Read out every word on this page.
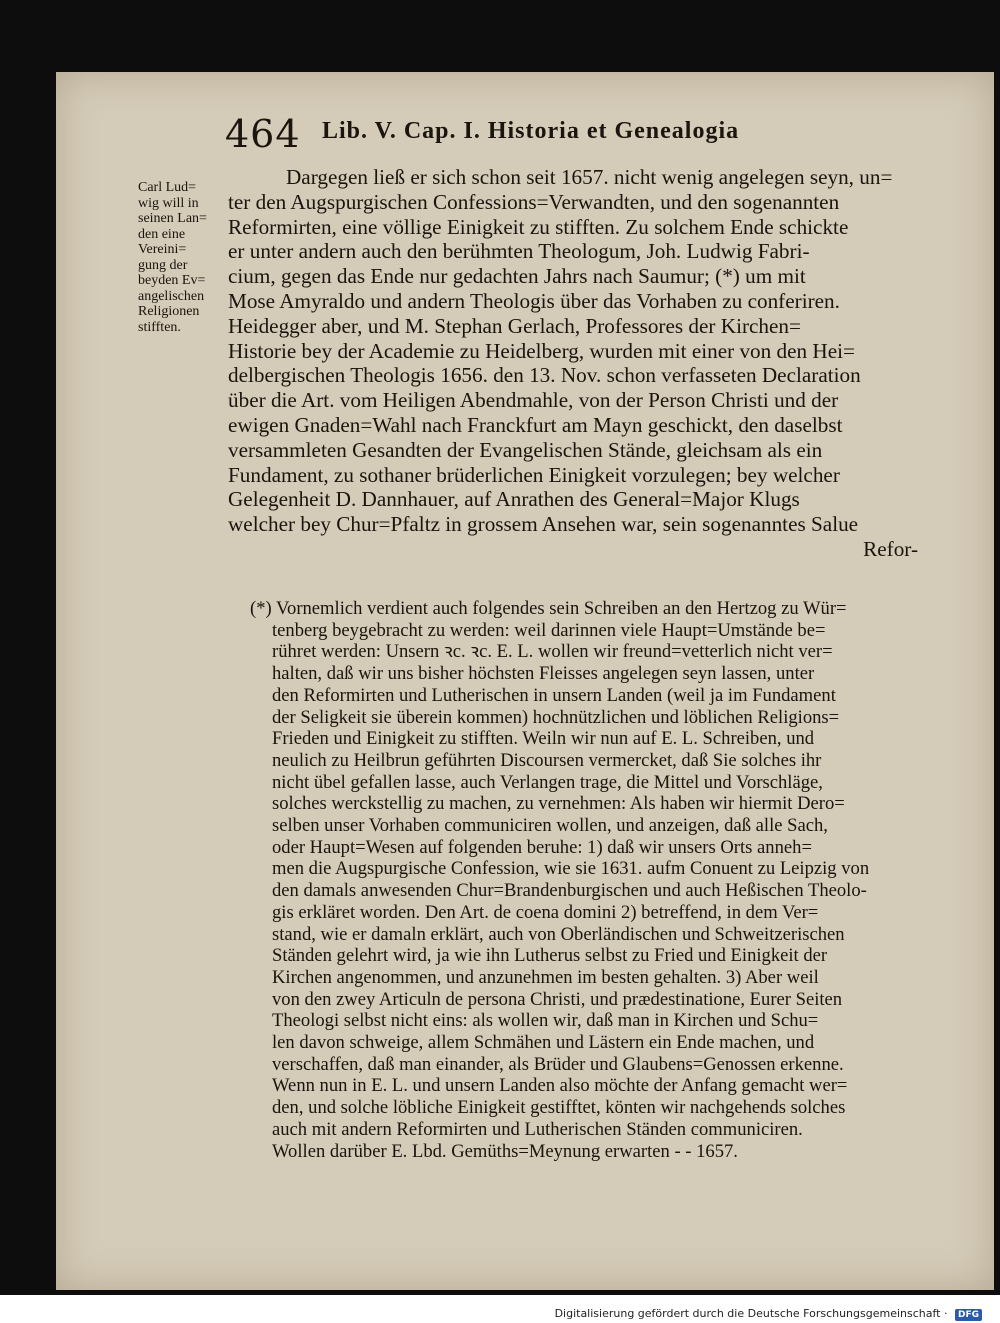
464 Lib. V. Cap. I. Historia et Genealogia
Carl Lud=
wig will in
seinen Lan=
den eine
Vereini=
gung der
beyden Ev=
angelischen
Religionen
stifften.
Dargegen ließ er sich schon seit 1657. nicht wenig angelegen seyn, un=
ter den Augspurgischen Confessions=Verwandten, und den sogenannten
Reformirten, eine völlige Einigkeit zu stifften. Zu solchem Ende schickte
er unter andern auch den berühmten Theologum, Joh. Ludwig Fabri-
cium, gegen das Ende nur gedachten Jahrs nach Saumur; (*) um mit
Mose Amyraldo und andern Theologis über das Vorhaben zu conferiren.
Heidegger aber, und M. Stephan Gerlach, Professores der Kirchen=
Historie bey der Academie zu Heidelberg, wurden mit einer von den Hei=
delbergischen Theologis 1656. den 13. Nov. schon verfasseten Declaration
über die Art. vom Heiligen Abendmahle, von der Person Christi und der
ewigen Gnaden=Wahl nach Franckfurt am Mayn geschickt, den daselbst
versammleten Gesandten der Evangelischen Stände, gleichsam als ein
Fundament, zu sothaner brüderlichen Einigkeit vorzulegen; bey welcher
Gelegenheit D. Dannhauer, auf Anrathen des General=Major Klugs
welcher bey Chur=Pfaltz in grossem Ansehen war, sein sogenanntes Salue
Refor-
(*) Vornemlich verdient auch folgendes sein Schreiben an den Hertzog zu Wür=
tenberg beygebracht zu werden: weil darinnen viele Haupt=Umstände be=
rühret werden: Unsern ꝛc. ꝛc. E. L. wollen wir freund=vetterlich nicht ver=
halten, daß wir uns bisher höchsten Fleisses angelegen seyn lassen, unter
den Reformirten und Lutherischen in unsern Landen (weil ja im Fundament
der Seligkeit sie überein kommen) hochnützlichen und löblichen Religions=
Frieden und Einigkeit zu stifften. Weiln wir nun auf E. L. Schreiben, und
neulich zu Heilbrun geführten Discoursen vermercket, daß Sie solches ihr
nicht übel gefallen lasse, auch Verlangen trage, die Mittel und Vorschläge,
solches werckstellig zu machen, zu vernehmen: Als haben wir hiermit Dero=
selben unser Vorhaben communiciren wollen, und anzeigen, daß alle Sach,
oder Haupt=Wesen auf folgenden beruhe: 1) daß wir unsers Orts anneh=
men die Augspurgische Confession, wie sie 1631. aufm Conuent zu Leipzig von
den damals anwesenden Chur=Brandenburgischen und auch Heßischen Theolo-
gis erkläret worden. Den Art. de coena domini 2) betreffend, in dem Ver=
stand, wie er damaln erklärt, auch von Oberländischen und Schweitzerischen
Ständen gelehrt wird, ja wie ihn Lutherus selbst zu Fried und Einigkeit der
Kirchen angenommen, und anzunehmen im besten gehalten. 3) Aber weil
von den zwey Articuln de persona Christi, und prædestinatione, Eurer Seiten
Theologi selbst nicht eins: als wollen wir, daß man in Kirchen und Schu=
len davon schweige, allem Schmähen und Lästern ein Ende machen, und
verschaffen, daß man einander, als Brüder und Glaubens=Genossen erkenne.
Wenn nun in E. L. und unsern Landen also möchte der Anfang gemacht wer=
den, und solche löbliche Einigkeit gestifftet, könten wir nachgehends solches
auch mit andern Reformirten und Lutherischen Ständen communiciren.
Wollen darüber E. Lbd. Gemüths=Meynung erwarten - - 1657.
Digitalisierung gefördert durch die Deutsche Forschungsgemeinschaft · DFG
